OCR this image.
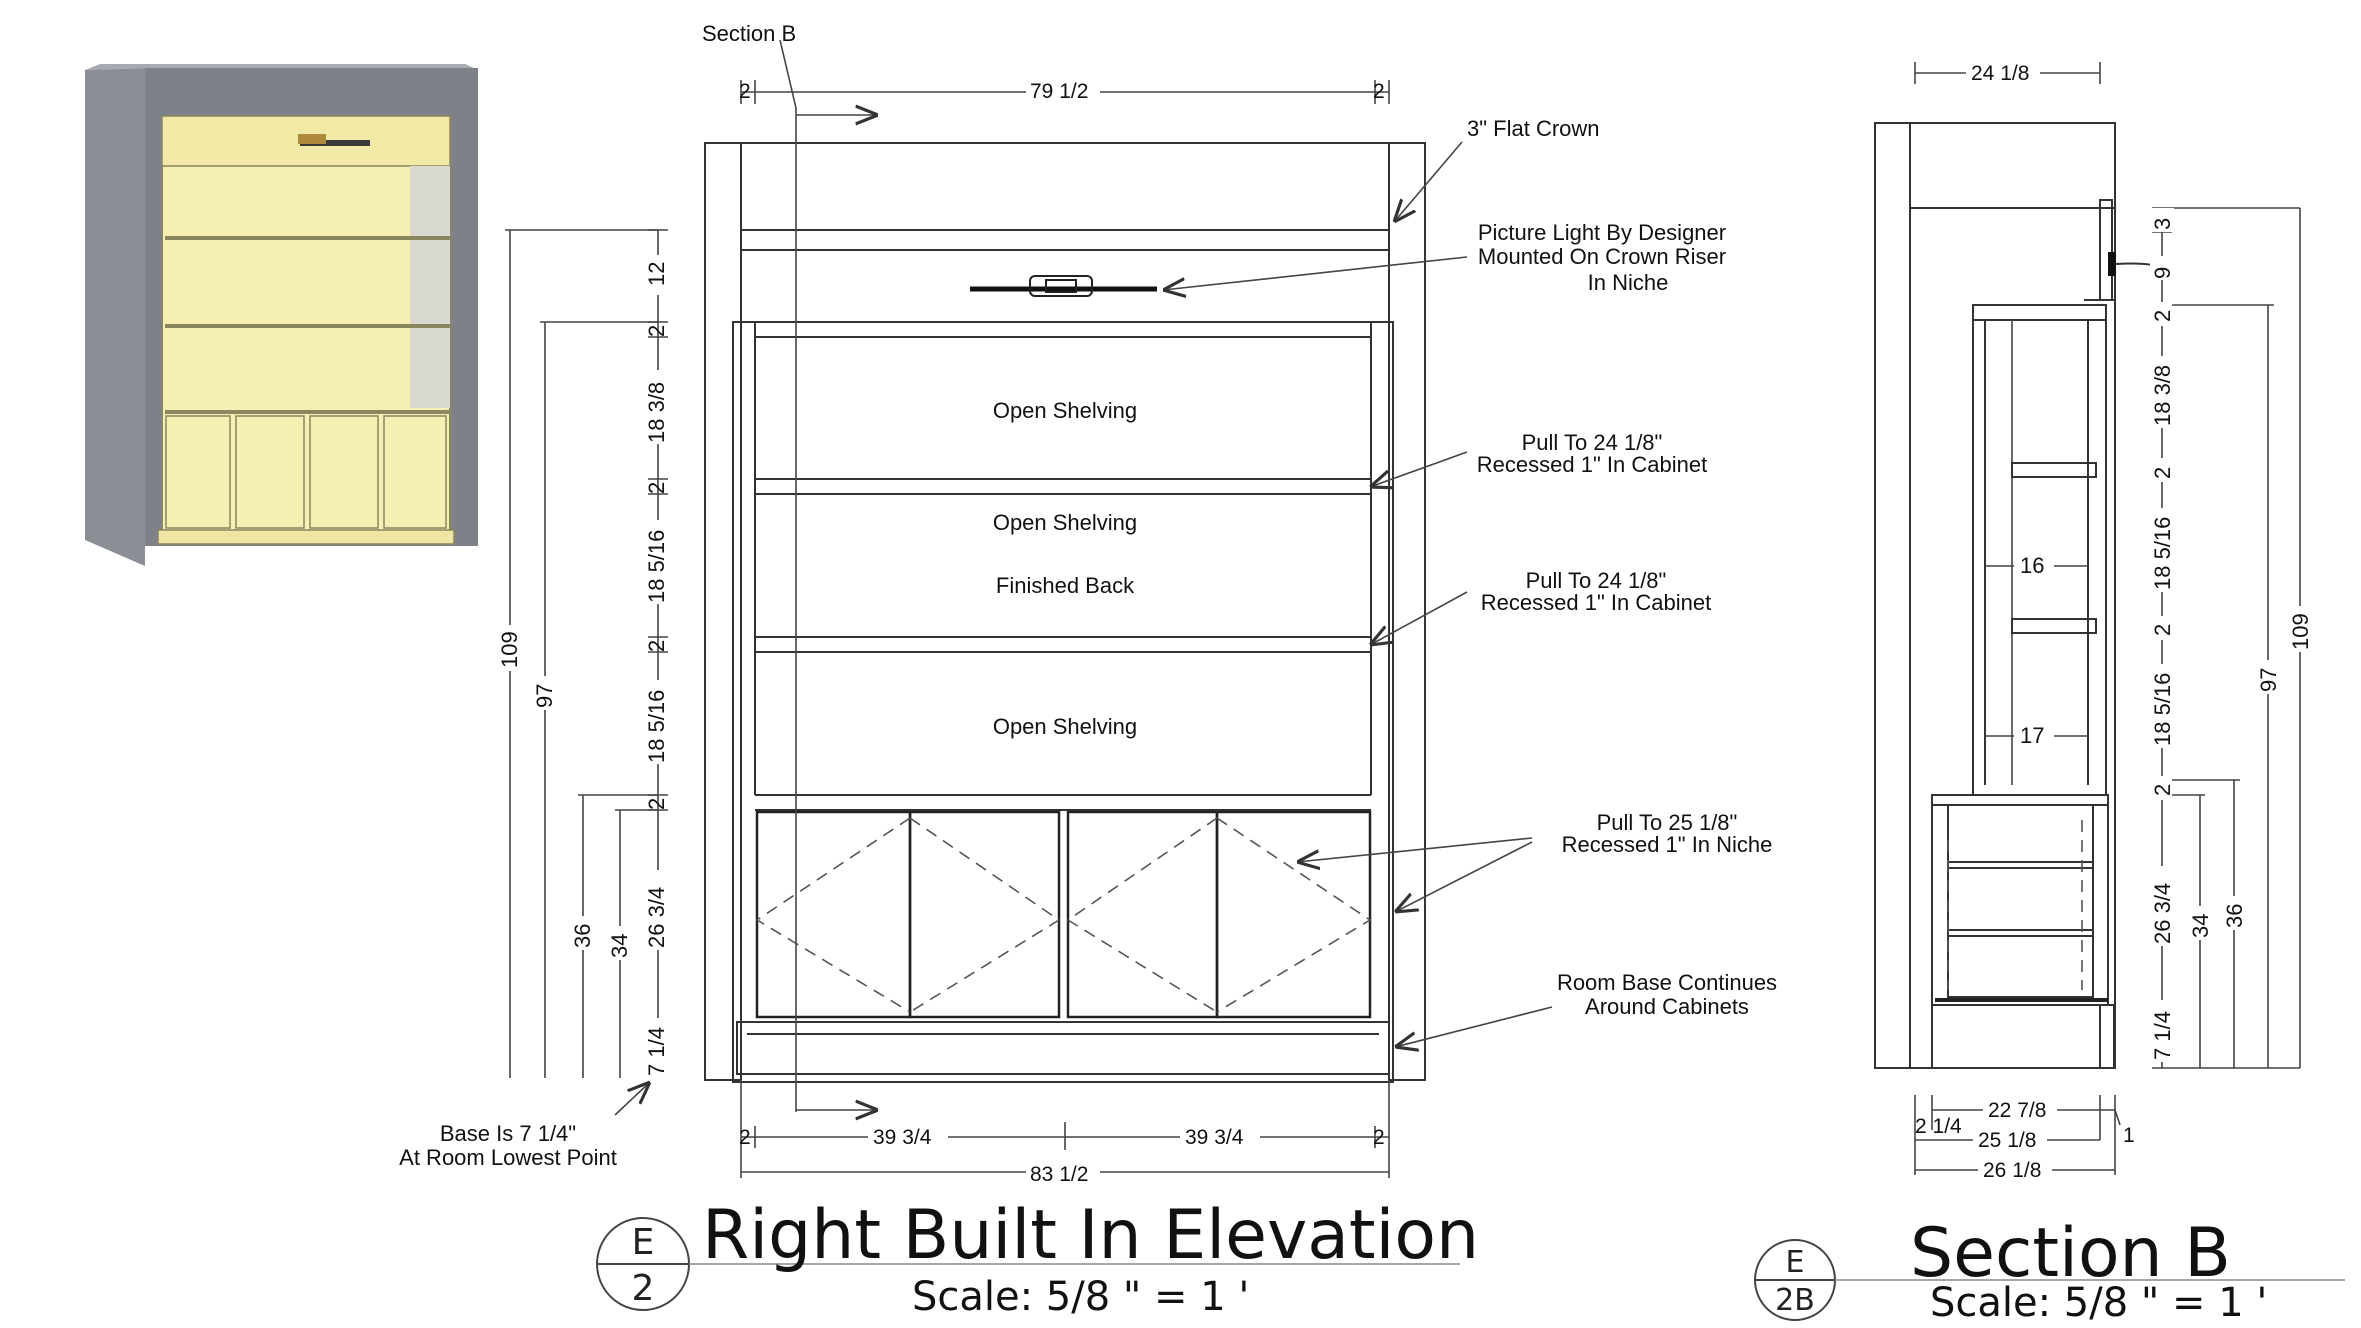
Section B
2	79 1/2	2
12
2
18 3/8
2
18 5/16
2
18 5/16
2
26 3/4
7 1/4
109
97
36 34
2	39 3/4	39 3/4	2
83 1/2
Open Shelving
Open Shelving
Finished Back
Open Shelving
3" Flat Crown
Picture Light By Designer
Mounted On Crown Riser
In Niche
Pull To 24 1/8"
Recessed 1" In Cabinet
Pull To 24 1/8"
Recessed 1" In Cabinet
Pull To 25 1/8"
Recessed 1" In Niche
Room Base Continues
Around Cabinets
Base Is 7 1/4"
At Room Lowest Point
16
17
24 1/8
3
9
2
18 3/8
2
18 5/16
2
18 5/16
2
26 3/4
7 1/4
34 36
97
109
22 7/8
2 1/4
25 1/8	1
26 1/8
E
2
Right Built In Elevation
Scale: 5/8 " = 1 '
E
2B
Section B
Scale: 5/8 " = 1 '
